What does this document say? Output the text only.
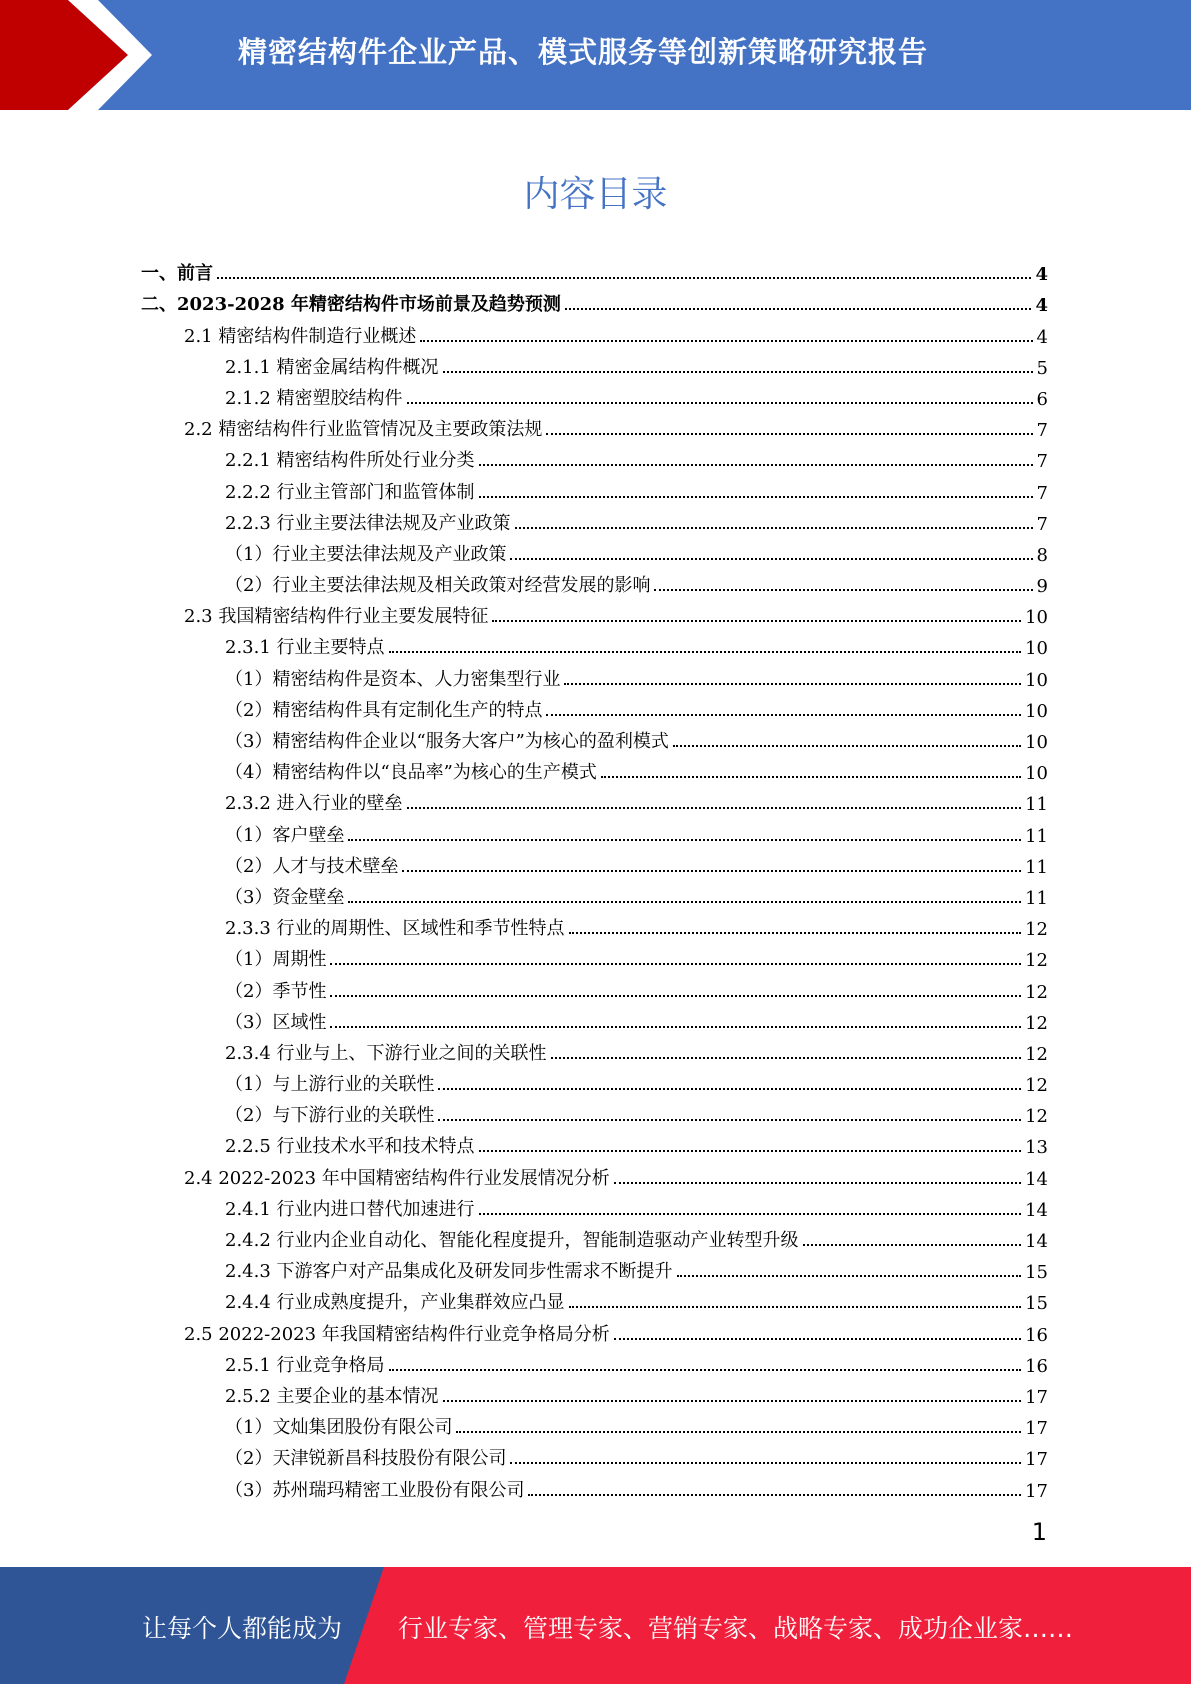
精密结构件企业产品、模式服务等创新策略研究报告
内容目录
一、前言	4
二、2023-2028 年精密结构件市场前景及趋势预测	4
2.1 精密结构件制造行业概述	4
2.1.1 精密金属结构件概况	5
2.1.2 精密塑胶结构件	6
2.2 精密结构件行业监管情况及主要政策法规	7
2.2.1 精密结构件所处行业分类	7
2.2.2 行业主管部门和监管体制	7
2.2.3 行业主要法律法规及产业政策	7
（1）行业主要法律法规及产业政策	8
（2）行业主要法律法规及相关政策对经营发展的影响	9
2.3 我国精密结构件行业主要发展特征	10
2.3.1 行业主要特点	10
（1）精密结构件是资本、人力密集型行业	10
（2）精密结构件具有定制化生产的特点	10
（3）精密结构件企业以“服务大客户”为核心的盈利模式	10
（4）精密结构件以“良品率”为核心的生产模式	10
2.3.2 进入行业的壁垒	11
（1）客户壁垒	11
（2）人才与技术壁垒	11
（3）资金壁垒	11
2.3.3 行业的周期性、区域性和季节性特点	12
（1）周期性	12
（2）季节性	12
（3）区域性	12
2.3.4 行业与上、下游行业之间的关联性	12
（1）与上游行业的关联性	12
（2）与下游行业的关联性	12
2.2.5 行业技术水平和技术特点	13
2.4 2022-2023 年中国精密结构件行业发展情况分析	14
2.4.1 行业内进口替代加速进行	14
2.4.2 行业内企业自动化、智能化程度提升，智能制造驱动产业转型升级	14
2.4.3 下游客户对产品集成化及研发同步性需求不断提升	15
2.4.4 行业成熟度提升，产业集群效应凸显	15
2.5 2022-2023 年我国精密结构件行业竞争格局分析	16
2.5.1 行业竞争格局	16
2.5.2 主要企业的基本情况	17
（1）文灿集团股份有限公司	17
（2）天津锐新昌科技股份有限公司	17
（3）苏州瑞玛精密工业股份有限公司	17
1
让每个人都能成为 行业专家、管理专家、营销专家、战略专家、成功企业家……
